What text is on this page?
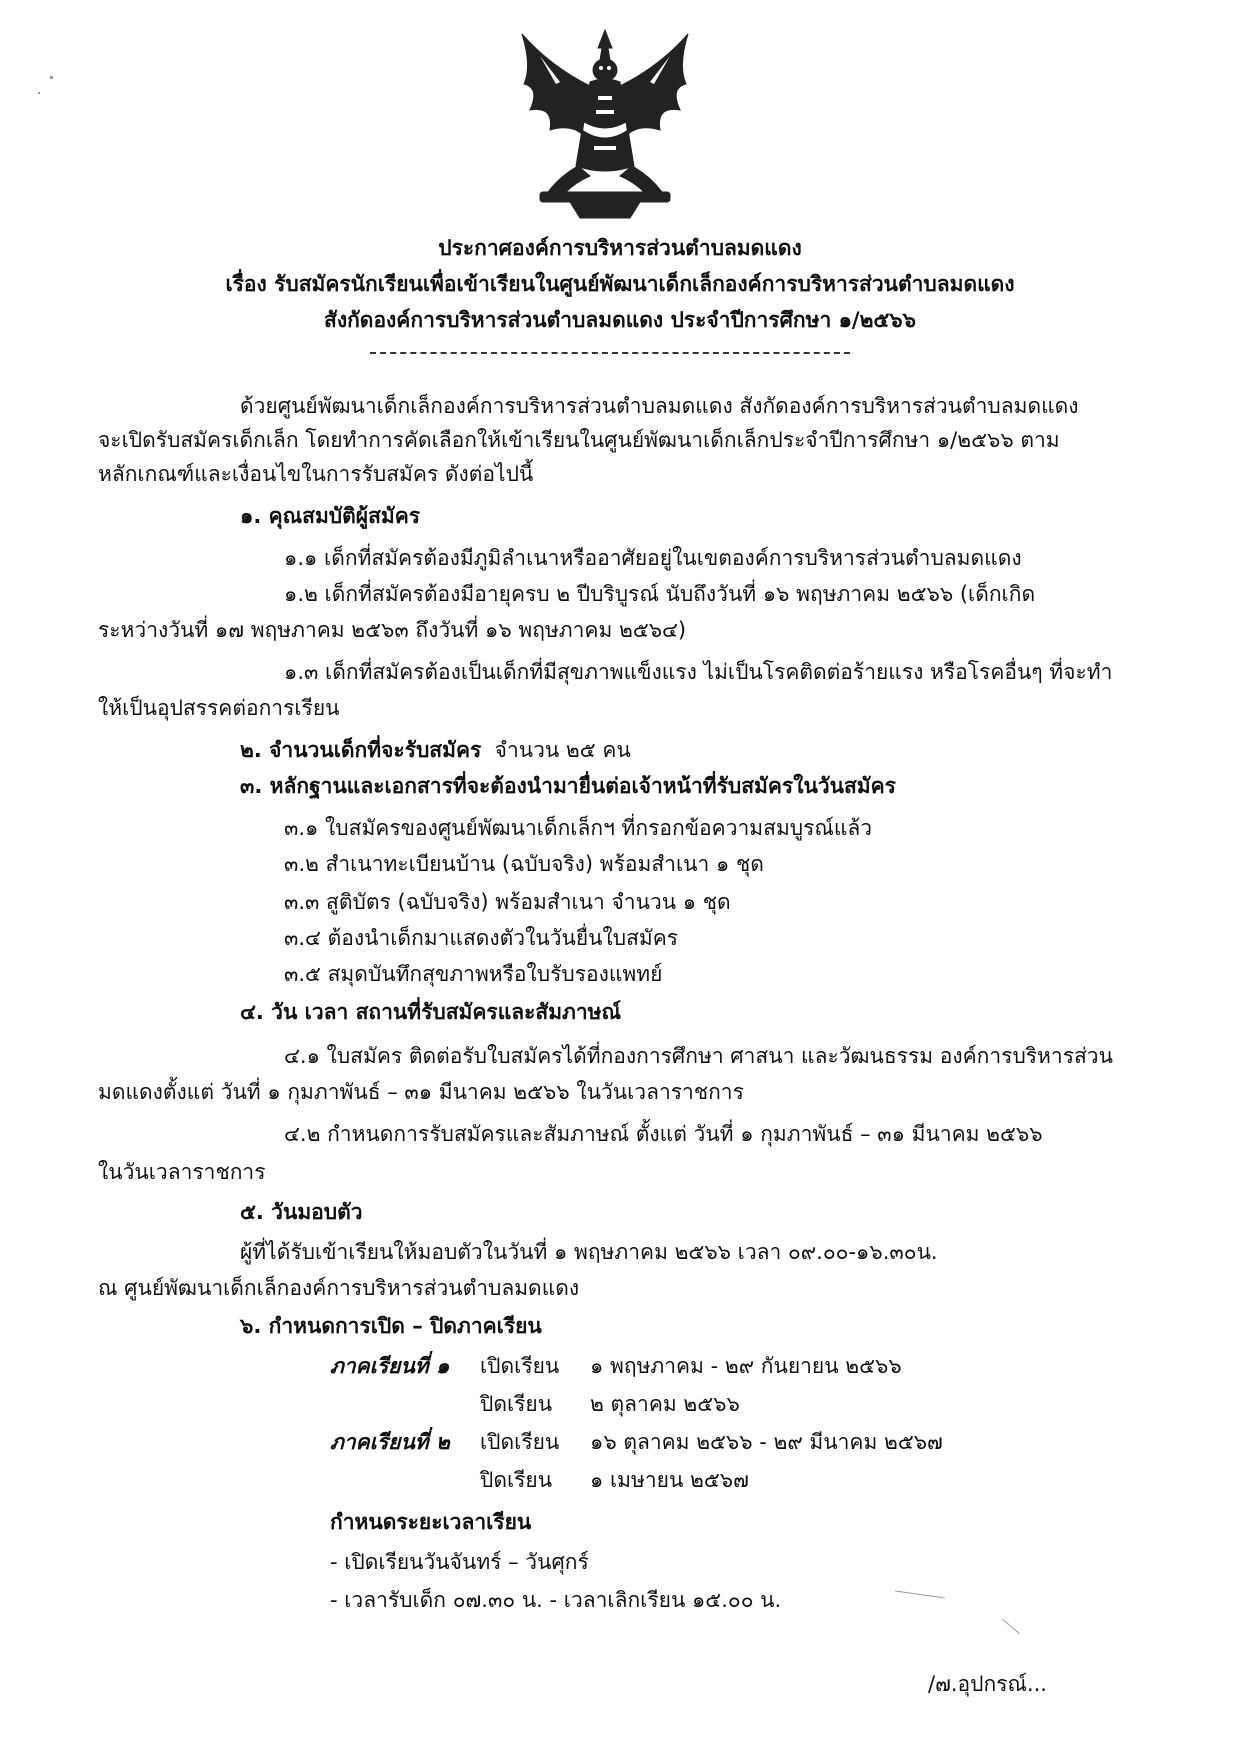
ประกาศองค์การบริหารส่วนตำบลมดแดง
เรื่อง รับสมัครนักเรียนเพื่อเข้าเรียนในศูนย์พัฒนาเด็กเล็กองค์การบริหารส่วนตำบลมดแดง
สังกัดองค์การบริหารส่วนตำบลมดแดง ประจำปีการศึกษา ๑/๒๕๖๖
ด้วยศูนย์พัฒนาเด็กเล็กองค์การบริหารส่วนตำบลมดแดง สังกัดองค์การบริหารส่วนตำบลมดแดง
จะเปิดรับสมัครเด็กเล็ก โดยทำการคัดเลือกให้เข้าเรียนในศูนย์พัฒนาเด็กเล็กประจำปีการศึกษา ๑/๒๕๖๖ ตาม
หลักเกณฑ์และเงื่อนไขในการรับสมัคร ดังต่อไปนี้
๑. คุณสมบัติผู้สมัคร
๑.๑ เด็กที่สมัครต้องมีภูมิลำเนาหรืออาศัยอยู่ในเขตองค์การบริหารส่วนตำบลมดแดง
๑.๒ เด็กที่สมัครต้องมีอายุครบ ๒ ปีบริบูรณ์ นับถึงวันที่ ๑๖ พฤษภาคม ๒๕๖๖ (เด็กเกิด
ระหว่างวันที่ ๑๗ พฤษภาคม ๒๕๖๓ ถึงวันที่ ๑๖ พฤษภาคม ๒๕๖๔)
๑.๓ เด็กที่สมัครต้องเป็นเด็กที่มีสุขภาพแข็งแรง ไม่เป็นโรคติดต่อร้ายแรง หรือโรคอื่นๆ ที่จะทำ
ให้เป็นอุปสรรคต่อการเรียน
๒. จำนวนเด็กที่จะรับสมัคร จำนวน ๒๕ คน
๓. หลักฐานและเอกสารที่จะต้องนำมายื่นต่อเจ้าหน้าที่รับสมัครในวันสมัคร
๓.๑ ใบสมัครของศูนย์พัฒนาเด็กเล็กฯ ที่กรอกข้อความสมบูรณ์แล้ว
๓.๒ สำเนาทะเบียนบ้าน (ฉบับจริง) พร้อมสำเนา ๑ ชุด
๓.๓ สูติบัตร (ฉบับจริง) พร้อมสำเนา จำนวน ๑ ชุด
๓.๔ ต้องนำเด็กมาแสดงตัวในวันยื่นใบสมัคร
๓.๕ สมุดบันทึกสุขภาพหรือใบรับรองแพทย์
๔. วัน เวลา สถานที่รับสมัครและสัมภาษณ์
๔.๑ ใบสมัคร ติดต่อรับใบสมัครได้ที่กองการศึกษา ศาสนา และวัฒนธรรม องค์การบริหารส่วน
มดแดงตั้งแต่ วันที่ ๑ กุมภาพันธ์ – ๓๑ มีนาคม ๒๕๖๖ ในวันเวลาราชการ
๔.๒ กำหนดการรับสมัครและสัมภาษณ์ ตั้งแต่ วันที่ ๑ กุมภาพันธ์ – ๓๑ มีนาคม ๒๕๖๖
ในวันเวลาราชการ
๕. วันมอบตัว
ผู้ที่ได้รับเข้าเรียนให้มอบตัวในวันที่ ๑ พฤษภาคม ๒๕๖๖ เวลา ๐๙.๐๐-๑๖.๓๐น.
ณ ศูนย์พัฒนาเด็กเล็กองค์การบริหารส่วนตำบลมดแดง
๖. กำหนดการเปิด – ปิดภาคเรียน
ภาคเรียนที่ ๑ เปิดเรียน ๑ พฤษภาคม - ๒๙ กันยายน ๒๕๖๖
ปิดเรียน ๒ ตุลาคม ๒๕๖๖
ภาคเรียนที่ ๒ เปิดเรียน ๑๖ ตุลาคม ๒๕๖๖ - ๒๙ มีนาคม ๒๕๖๗
ปิดเรียน ๑ เมษายน ๒๕๖๗
กำหนดระยะเวลาเรียน
- เปิดเรียนวันจันทร์ – วันศุกร์
- เวลารับเด็ก ๐๗.๓๐ น. - เวลาเลิกเรียน ๑๕.๐๐ น.
/๗.อุปกรณ์...
